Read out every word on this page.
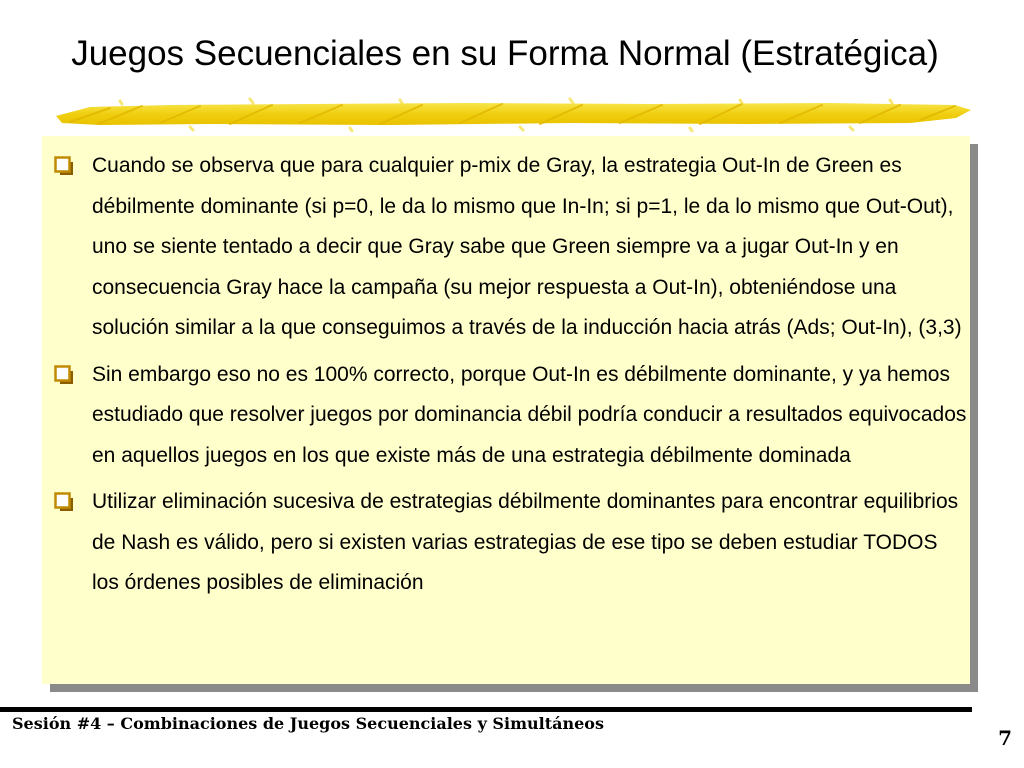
Juegos Secuenciales en su Forma Normal (Estratégica)
Cuando se observa que para cualquier p-mix de Gray, la estrategia Out-In de Green es débilmente dominante (si p=0, le da lo mismo que In-In; si p=1, le da lo mismo que Out-Out), uno se siente tentado a decir que Gray sabe que Green siempre va a jugar Out-In y en consecuencia Gray hace la campaña (su mejor respuesta a Out-In), obteniéndose una solución similar a la que conseguimos a través de la inducción hacia atrás (Ads; Out-In), (3,3)
Sin embargo eso no es 100% correcto, porque Out-In es débilmente dominante, y ya hemos estudiado que resolver juegos por dominancia débil podría conducir a resultados equivocados en aquellos juegos en los que existe más de una estrategia débilmente dominada
Utilizar eliminación sucesiva de estrategias débilmente dominantes para encontrar equilibrios de Nash es válido, pero si existen varias estrategias de ese tipo se deben estudiar TODOS los órdenes posibles de eliminación
Sesión #4 – Combinaciones de Juegos Secuenciales y Simultáneos
7
